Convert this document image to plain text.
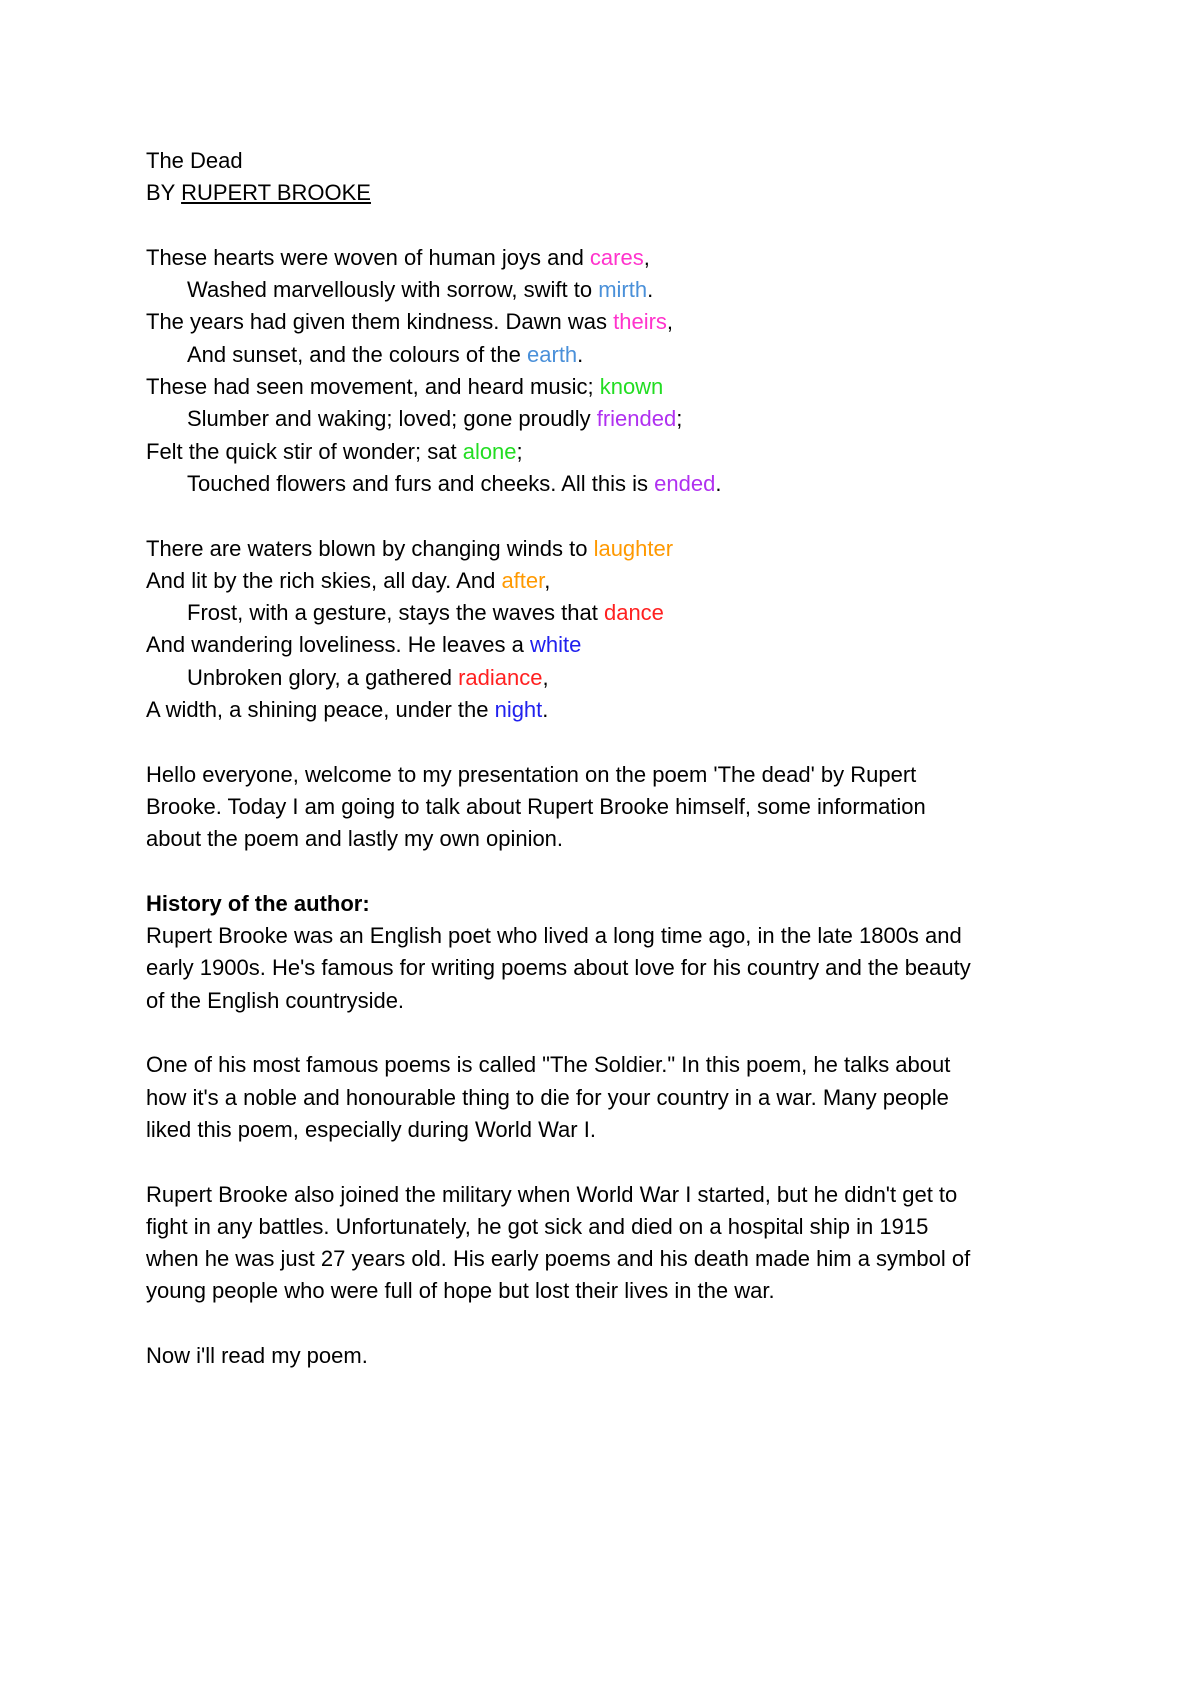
The Dead
BY RUPERT BROOKE
These hearts were woven of human joys and cares,
Washed marvellously with sorrow, swift to mirth.
The years had given them kindness. Dawn was theirs,
And sunset, and the colours of the earth.
These had seen movement, and heard music; known
Slumber and waking; loved; gone proudly friended;
Felt the quick stir of wonder; sat alone;
Touched flowers and furs and cheeks. All this is ended.
There are waters blown by changing winds to laughter
And lit by the rich skies, all day. And after,
Frost, with a gesture, stays the waves that dance
And wandering loveliness. He leaves a white
Unbroken glory, a gathered radiance,
A width, a shining peace, under the night.
Hello everyone, welcome to my presentation on the poem 'The dead' by Rupert
Brooke. Today I am going to talk about Rupert Brooke himself, some information
about the poem and lastly my own opinion.
History of the author:
Rupert Brooke was an English poet who lived a long time ago, in the late 1800s and
early 1900s. He's famous for writing poems about love for his country and the beauty
of the English countryside.
One of his most famous poems is called "The Soldier." In this poem, he talks about
how it's a noble and honourable thing to die for your country in a war. Many people
liked this poem, especially during World War I.
Rupert Brooke also joined the military when World War I started, but he didn't get to
fight in any battles. Unfortunately, he got sick and died on a hospital ship in 1915
when he was just 27 years old. His early poems and his death made him a symbol of
young people who were full of hope but lost their lives in the war.
Now i'll read my poem.
